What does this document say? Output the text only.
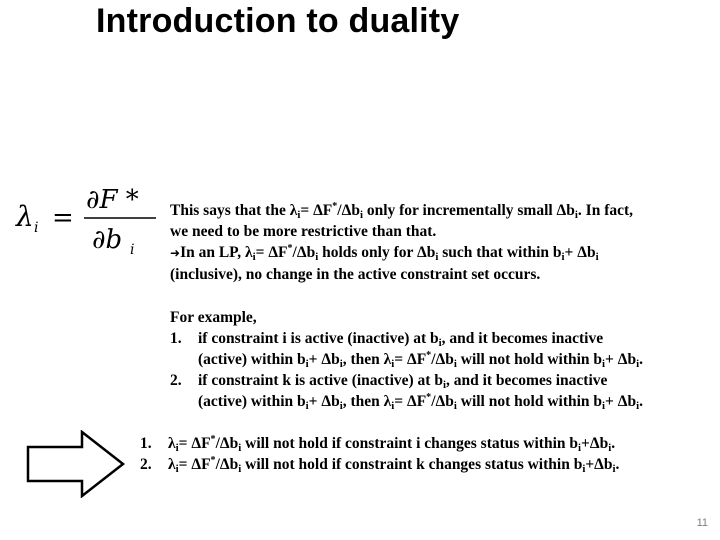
Introduction to duality
λ i =
∂F *
∂b i
This says that the $\lambda_i= \Delta F^*/\Delta b_i$ only for incrementally small $\Delta b_i$. In fact,
we need to be more restrictive than that.
➜In an LP, $\lambda_i= \Delta F^*/\Delta b_i$ holds only for $\Delta b_i$ such that within $b_i+ \Delta b_i$
(inclusive), no change in the active constraint set occurs.
For example,
1.	if constraint i is active (inactive) at $b_i$, and it becomes inactive
(active) within $b_i+ \Delta b_i$, then $\lambda_i= \Delta F^*/\Delta b_i$ will not hold within $b_i+ \Delta b_i$.
2.	if constraint k is active (inactive) at $b_i$, and it becomes inactive
(active) within $b_i+ \Delta b_i$, then $\lambda_i= \Delta F^*/\Delta b_i$ will not hold within $b_i+ \Delta b_i$.
1.	$\lambda_i= \Delta F^*/\Delta b_i$ will not hold if constraint i changes status within $b_i+\Delta b_i$.
2.	$\lambda_i= \Delta F^*/\Delta b_i$ will not hold if constraint k changes status within $b_i+\Delta b_i$.
11
